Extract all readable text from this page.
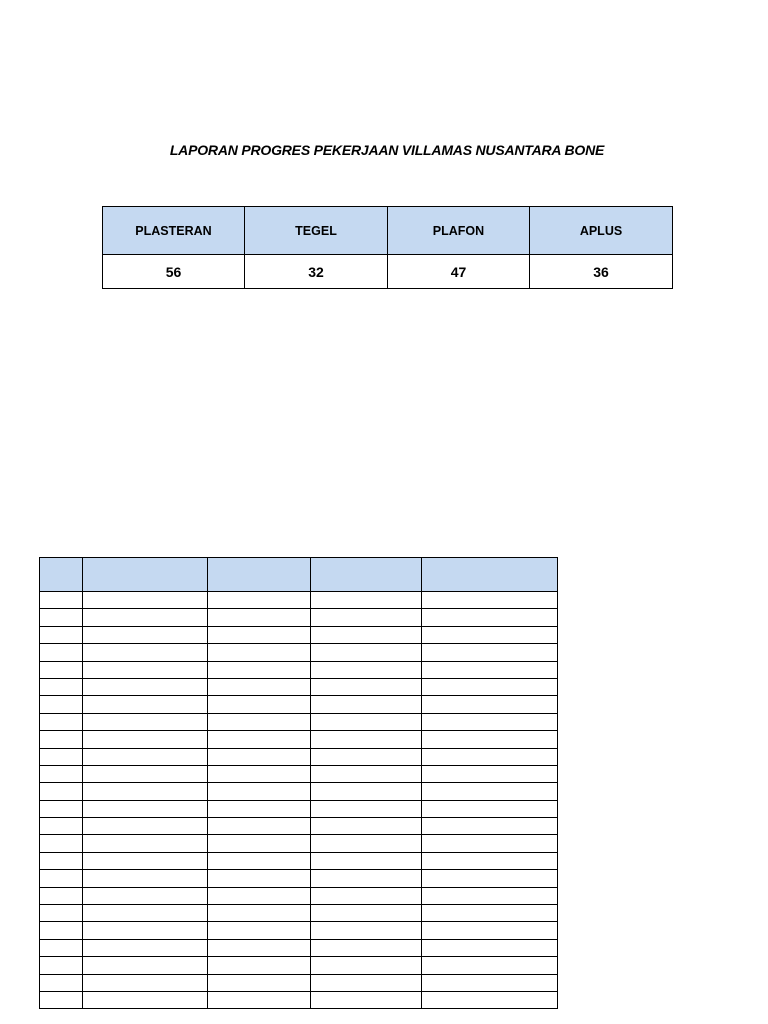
LAPORAN PROGRES PEKERJAAN VILLAMAS NUSANTARA BONE
PLASTERAN	TEGEL	PLAFON	APLUS
56	32	47	36
